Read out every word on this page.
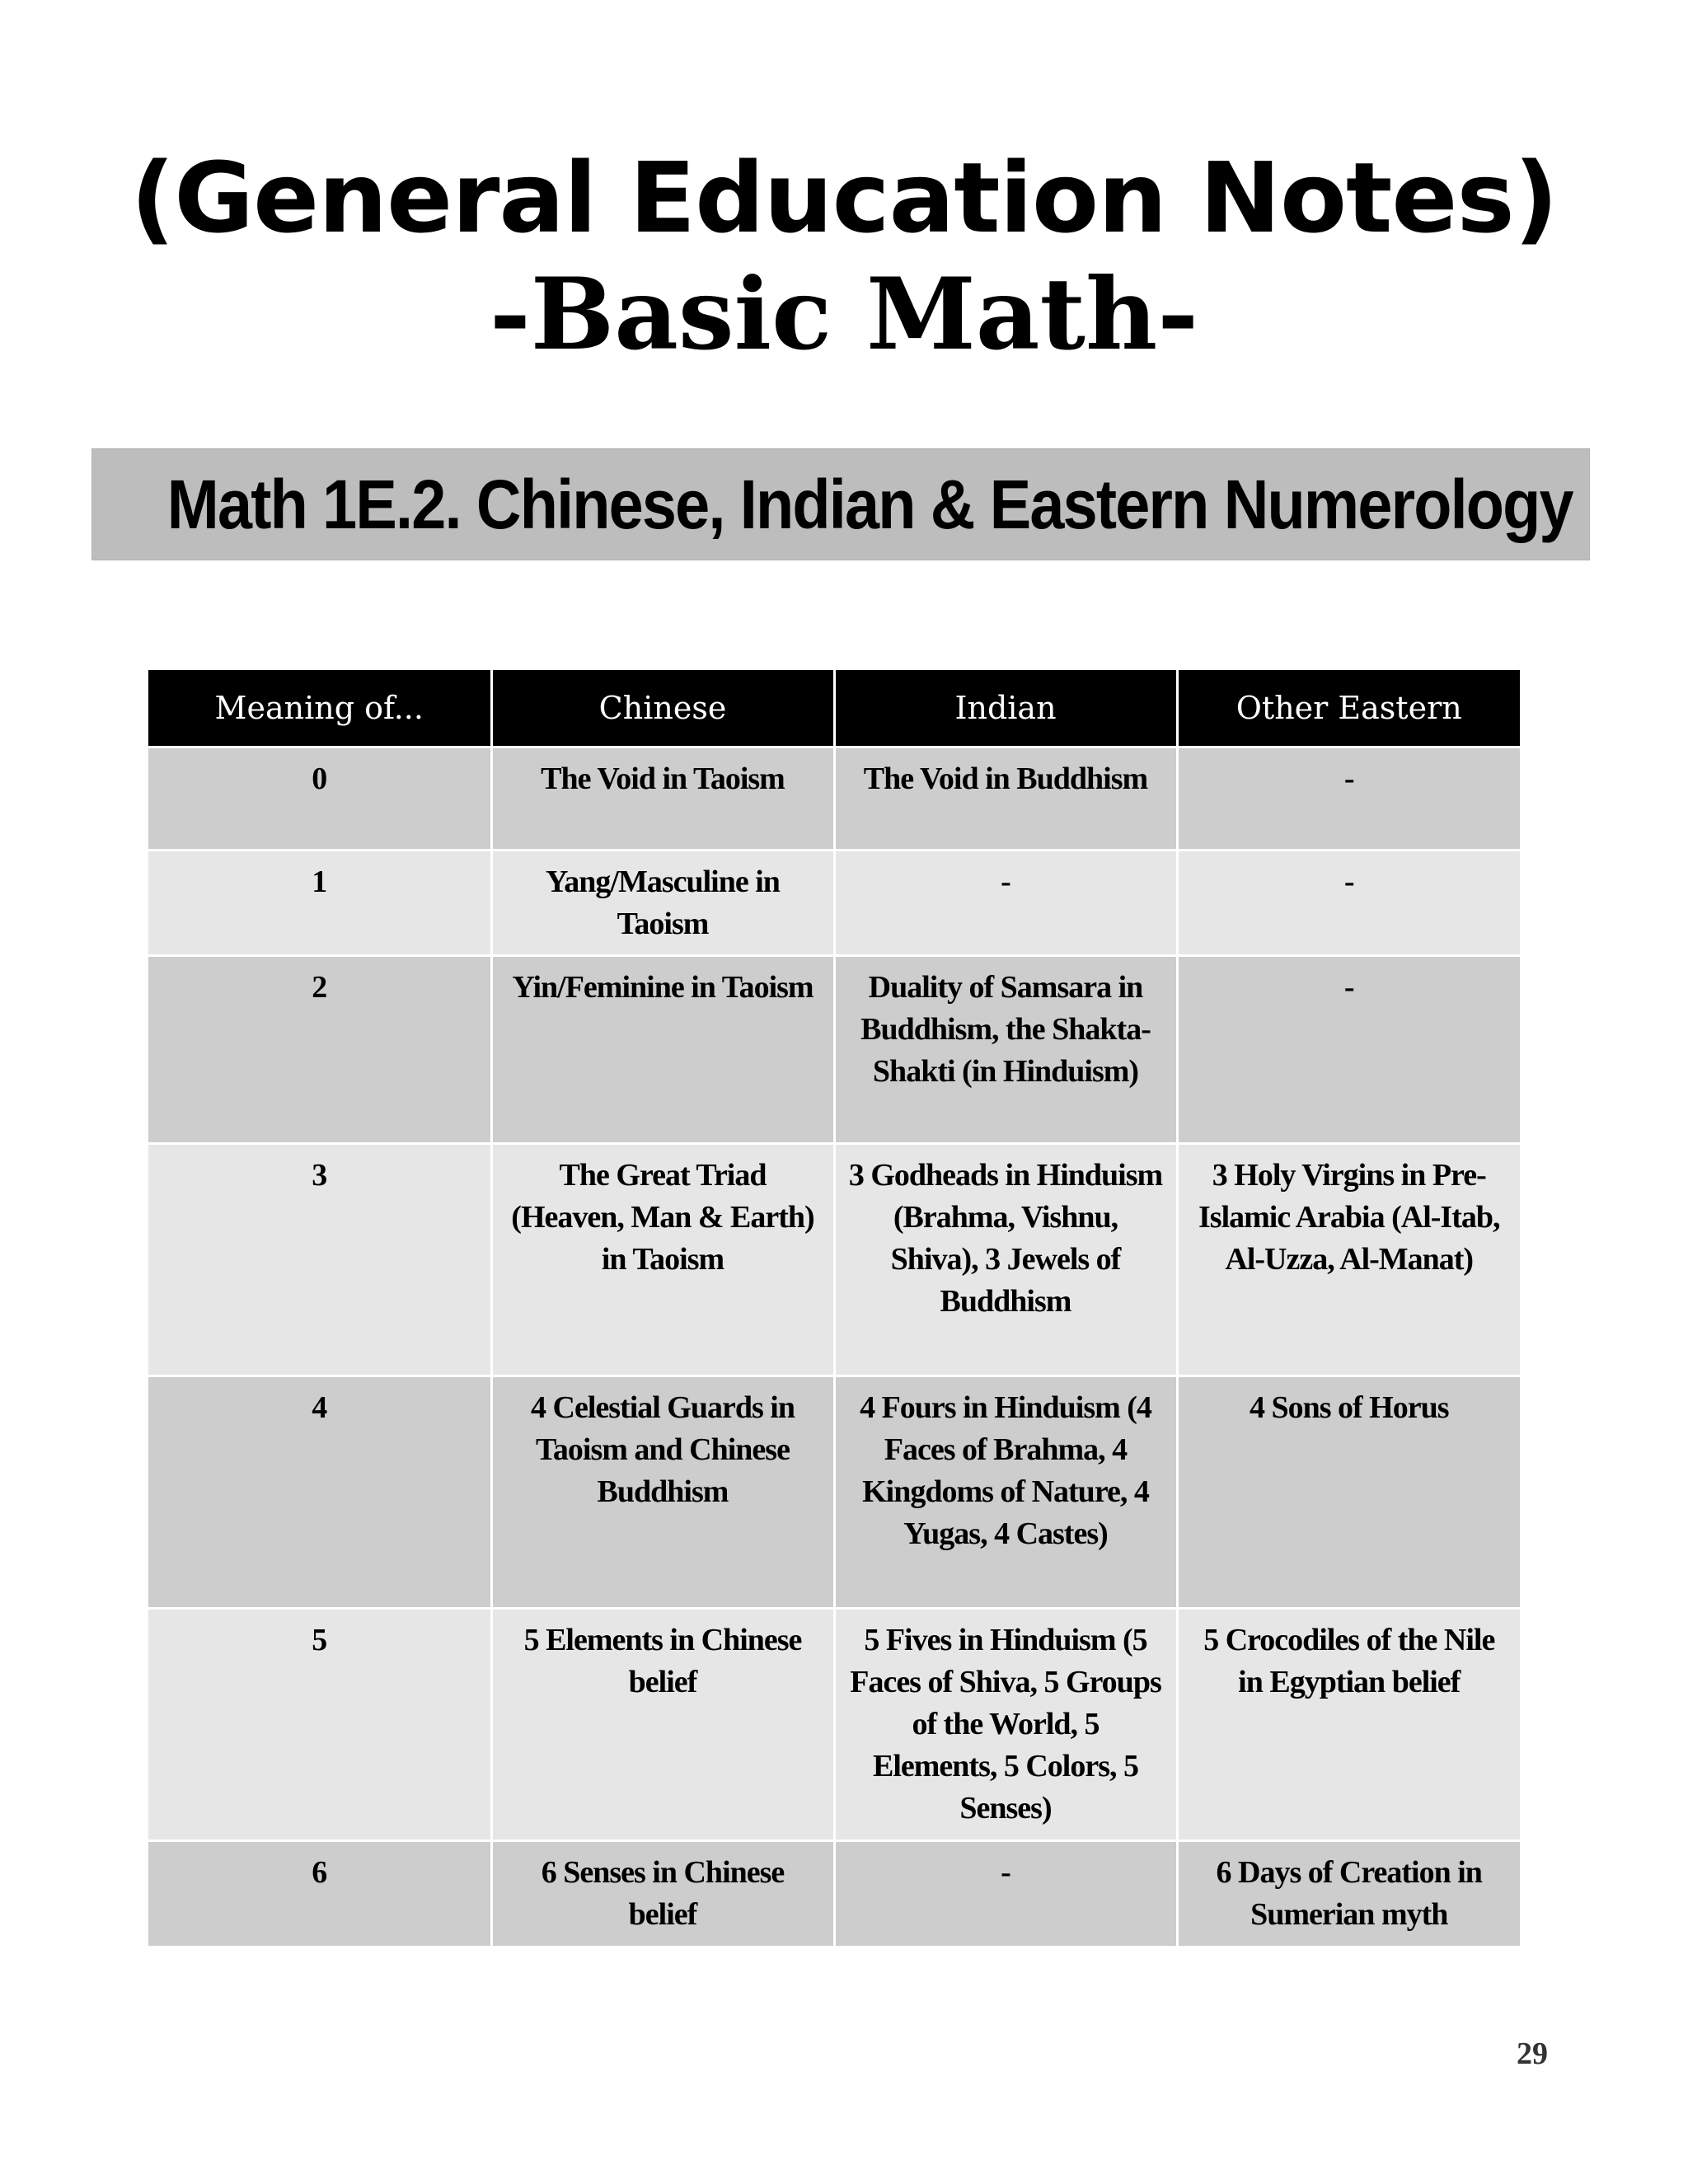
(General Education Notes)
-Basic Math-
Math 1E.2. Chinese, Indian & Eastern Numerology
Meaning of...	Chinese	Indian	Other Eastern
0	The Void in Taoism	The Void in Buddhism	-
1	Yang/Masculine in Taoism	-	-
2	Yin/Feminine in Taoism	Duality of Samsara in Buddhism, the Shakta-Shakti (in Hinduism)	-
3	The Great Triad (Heaven, Man & Earth) in Taoism	3 Godheads in Hinduism (Brahma, Vishnu, Shiva), 3 Jewels of Buddhism	3 Holy Virgins in Pre-Islamic Arabia (Al-Itab, Al-Uzza, Al-Manat)
4	4 Celestial Guards in Taoism and Chinese Buddhism	4 Fours in Hinduism (4 Faces of Brahma, 4 Kingdoms of Nature, 4 Yugas, 4 Castes)	4 Sons of Horus
5	5 Elements in Chinese belief	5 Fives in Hinduism (5 Faces of Shiva, 5 Groups of the World, 5 Elements, 5 Colors, 5 Senses)	5 Crocodiles of the Nile in Egyptian belief
6	6 Senses in Chinese belief	-	6 Days of Creation in Sumerian myth
29
